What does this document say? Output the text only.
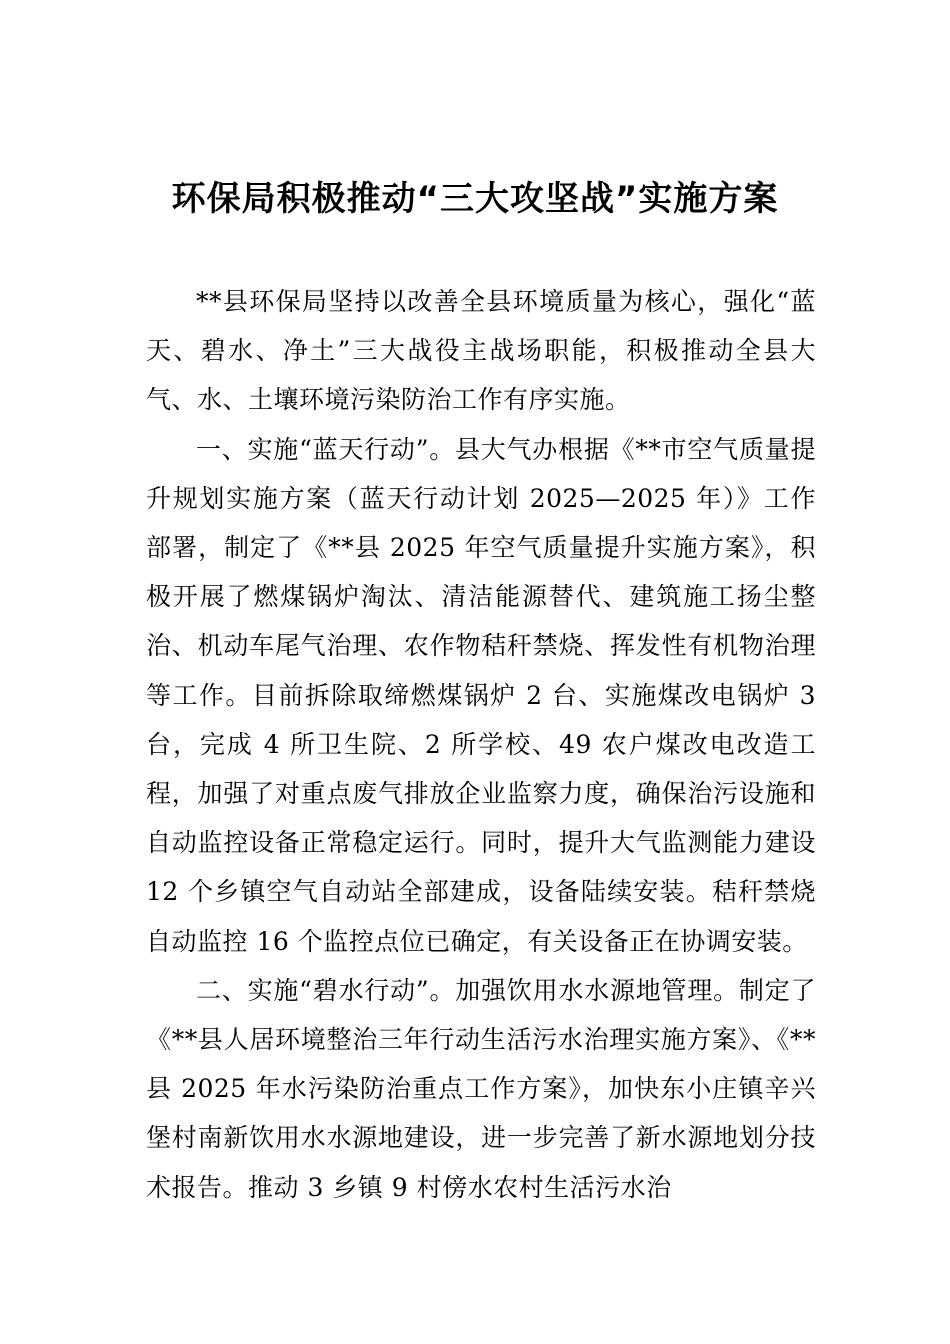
环保局积极推动“三大攻坚战”实施方案

**县环保局坚持以改善全县环境质量为核心，强化“蓝天、碧水、净土”三大战役主战场职能，积极推动全县大气、水、土壤环境污染防治工作有序实施。

一、实施“蓝天行动”。县大气办根据《**市空气质量提升规划实施方案（蓝天行动计划 2025—2025 年）》工作部署，制定了《**县 2025 年空气质量提升实施方案》，积极开展了燃煤锅炉淘汰、清洁能源替代、建筑施工扬尘整治、机动车尾气治理、农作物秸秆禁烧、挥发性有机物治理等工作。目前拆除取缔燃煤锅炉 2 台、实施煤改电锅炉 3 台，完成 4 所卫生院、2 所学校、49 农户煤改电改造工程，加强了对重点废气排放企业监察力度，确保治污设施和自动监控设备正常稳定运行。同时，提升大气监测能力建设 12 个乡镇空气自动站全部建成，设备陆续安装。秸秆禁烧自动监控 16 个监控点位已确定，有关设备正在协调安装。

二、实施“碧水行动”。加强饮用水水源地管理。制定了《**县人居环境整治三年行动生活污水治理实施方案》、《**县 2025 年水污染防治重点工作方案》，加快东小庄镇辛兴堡村南新饮用水水源地建设，进一步完善了新水源地划分技术报告。推动 3 乡镇 9 村傍水农村生活污水治
